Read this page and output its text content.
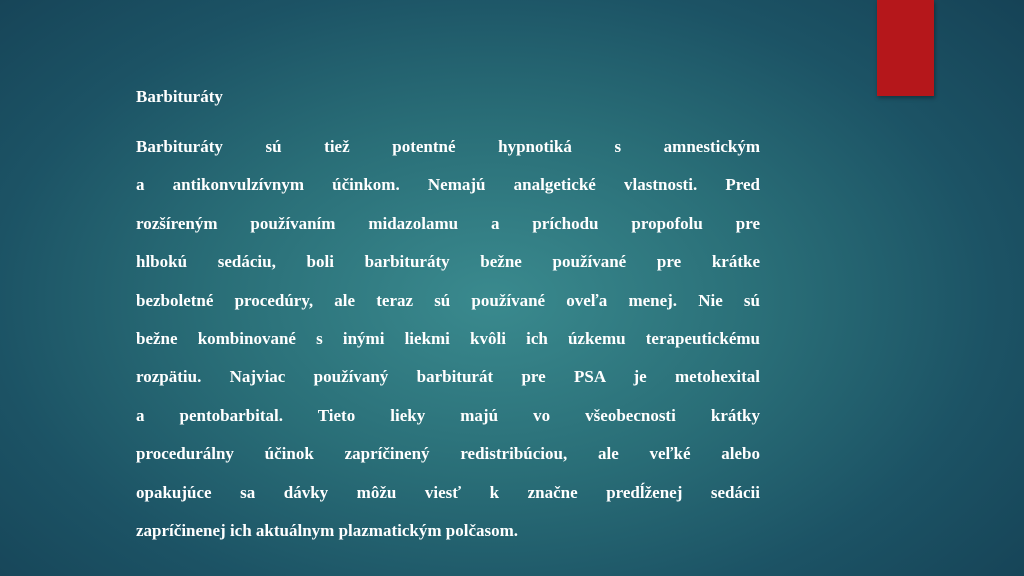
Barbituráty
Barbituráty sú tiež potentné hypnotiká s amnestickým
a antikonvulzívnym účinkom. Nemajú analgetické vlastnosti. Pred
rozšíreným používaním midazolamu a príchodu propofolu pre
hlbokú sedáciu, boli barbituráty bežne používané pre krátke
bezboletné procedúry, ale teraz sú používané oveľa menej. Nie sú
bežne kombinované s inými liekmi kvôli ich úzkemu terapeutickému
rozpätiu. Najviac používaný barbiturát pre PSA je metohexital
a pentobarbital. Tieto lieky majú vo všeobecnosti krátky
procedurálny účinok zapríčinený redistribúciou, ale veľké alebo
opakujúce sa dávky môžu viesť k značne predĺženej sedácii
zapríčinenej ich aktuálnym plazmatickým polčasom.
